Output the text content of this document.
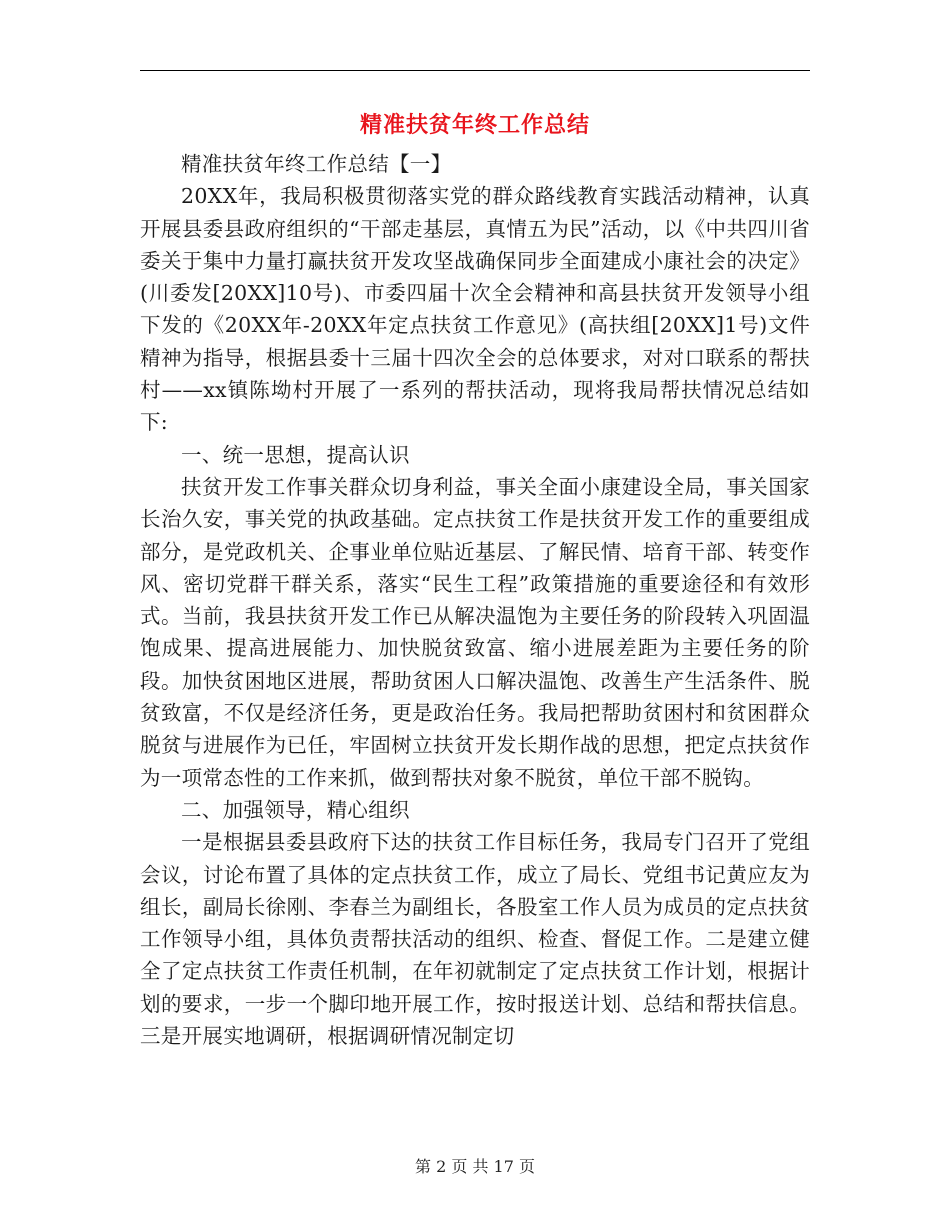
精准扶贫年终工作总结

精准扶贫年终工作总结【一】

20XX年，我局积极贯彻落实党的群众路线教育实践活动精神，认真开展县委县政府组织的“干部走基层，真情五为民”活动，以《中共四川省委关于集中力量打赢扶贫开发攻坚战确保同步全面建成小康社会的决定》(川委发[20XX]10号)、市委四届十次全会精神和高县扶贫开发领导小组下发的《20XX年-20XX年定点扶贫工作意见》(高扶组[20XX]1号)文件精神为指导，根据县委十三届十四次全会的总体要求，对对口联系的帮扶村——xx镇陈坳村开展了一系列的帮扶活动，现将我局帮扶情况总结如下:

一、统一思想，提高认识

扶贫开发工作事关群众切身利益，事关全面小康建设全局，事关国家长治久安，事关党的执政基础。定点扶贫工作是扶贫开发工作的重要组成部分，是党政机关、企事业单位贴近基层、了解民情、培育干部、转变作风、密切党群干群关系，落实“民生工程”政策措施的重要途径和有效形式。当前，我县扶贫开发工作已从解决温饱为主要任务的阶段转入巩固温饱成果、提高进展能力、加快脱贫致富、缩小进展差距为主要任务的阶段。加快贫困地区进展，帮助贫困人口解决温饱、改善生产生活条件、脱贫致富，不仅是经济任务，更是政治任务。我局把帮助贫困村和贫困群众脱贫与进展作为已任，牢固树立扶贫开发长期作战的思想，把定点扶贫作为一项常态性的工作来抓，做到帮扶对象不脱贫，单位干部不脱钩。

二、加强领导，精心组织

一是根据县委县政府下达的扶贫工作目标任务，我局专门召开了党组会议，讨论布置了具体的定点扶贫工作，成立了局长、党组书记黄应友为组长，副局长徐刚、李春兰为副组长，各股室工作人员为成员的定点扶贫工作领导小组，具体负责帮扶活动的组织、检查、督促工作。二是建立健全了定点扶贫工作责任机制，在年初就制定了定点扶贫工作计划，根据计划的要求，一步一个脚印地开展工作，按时报送计划、总结和帮扶信息。三是开展实地调研，根据调研情况制定切

第 2 页 共 17 页
